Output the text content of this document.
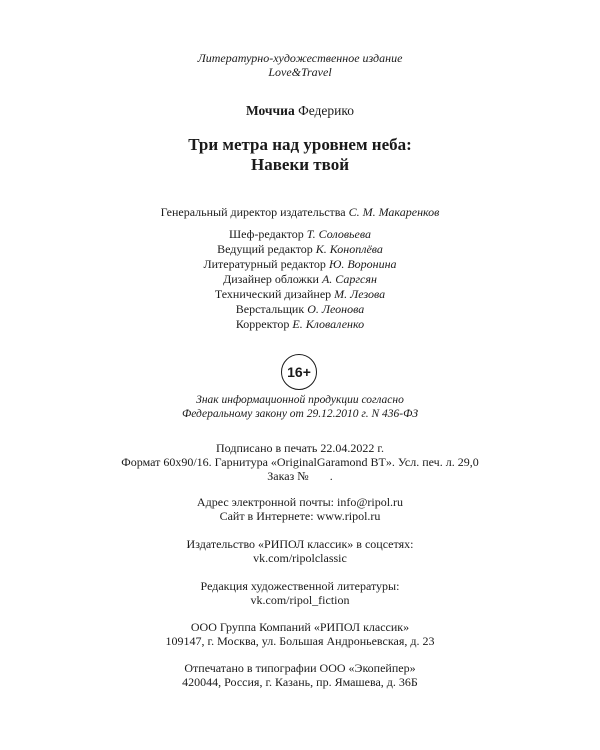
Литературно-художественное издание
Love&Travel
Моччиа Федерико
Три метра над уровнем неба:
Навеки твой
Генеральный директор издательства С. М. Макаренков
Шеф-редактор Т. Соловьева
Ведущий редактор К. Коноплёва
Литературный редактор Ю. Воронина
Дизайнер обложки А. Саргсян
Технический дизайнер М. Лезова
Верстальщик О. Леонова
Корректор Е. Кловаленко
16+
Знак информационной продукции согласно
Федеральному закону от 29.12.2010 г. N 436-ФЗ
Подписано в печать 22.04.2022 г.
Формат 60x90/16. Гарнитура «OriginalGaramond BT». Усл. печ. л. 29,0
Заказ №       .
Адрес электронной почты: info@ripol.ru
Сайт в Интернете: www.ripol.ru
Издательство «РИПОЛ классик» в соцсетях:
vk.com/ripolclassic
Редакция художественной литературы:
vk.com/ripol_fiction
ООО Группа Компаний «РИПОЛ классик»
109147, г. Москва, ул. Большая Андроньевская, д. 23
Отпечатано в типографии ООО «Экопейпер»
420044, Россия, г. Казань, пр. Ямашева, д. 36Б
